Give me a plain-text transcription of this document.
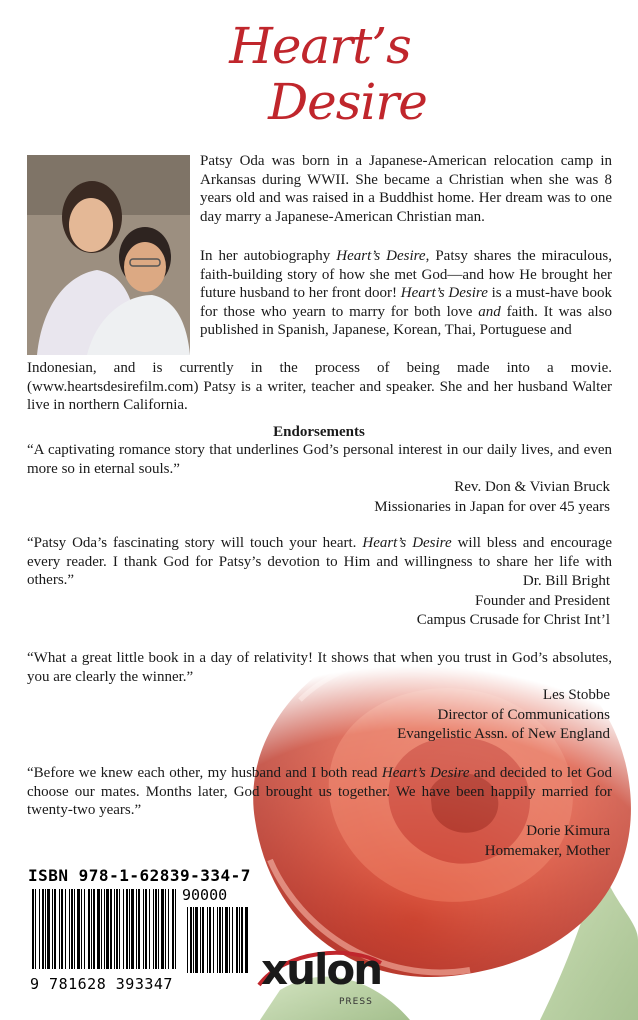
Heart’s
Desire

Patsy Oda was born in a Japanese-American relocation camp in Arkansas during WWII. She became a Christian when she was 8 years old and was raised in a Buddhist home. Her dream was to one day marry a Japanese-American Christian man.

In her autobiography Heart’s Desire, Patsy shares the miraculous, faith-building story of how she met God—and how He brought her future husband to her front door! Heart’s Desire is a must-have book for those who yearn to marry for both love and faith. It was also published in Spanish, Japanese, Korean, Thai, Portuguese and

Indonesian, and is currently in the process of being made into a movie. (www.heartsdesirefilm.com) Patsy is a writer, teacher and speaker. She and her husband Walter live in northern California.

Endorsements

“A captivating romance story that underlines God’s personal interest in our daily lives, and even more so in eternal souls.”

Rev. Don & Vivian Bruck
Missionaries in Japan for over 45 years

“Patsy Oda’s fascinating story will touch your heart. Heart’s Desire will bless and encourage every reader. I thank God for Patsy’s devotion to Him and willingness to share her life with others.”	Dr. Bill Bright
Founder and President
Campus Crusade for Christ Int’l

“What a great little book in a day of relativity! It shows that when you trust in God’s absolutes, you are clearly the winner.”

Les Stobbe
Director of Communications
Evangelistic Assn. of New England

“Before we knew each other, my husband and I both read Heart’s Desire and decided to let God choose our mates. Months later, God brought us together. We have been happily married for twenty-two years.”

Dorie Kimura
Homemaker, Mother
ISBN 978-1-62839-334-7
90000
9 781628 393347 xulon
PRESS
